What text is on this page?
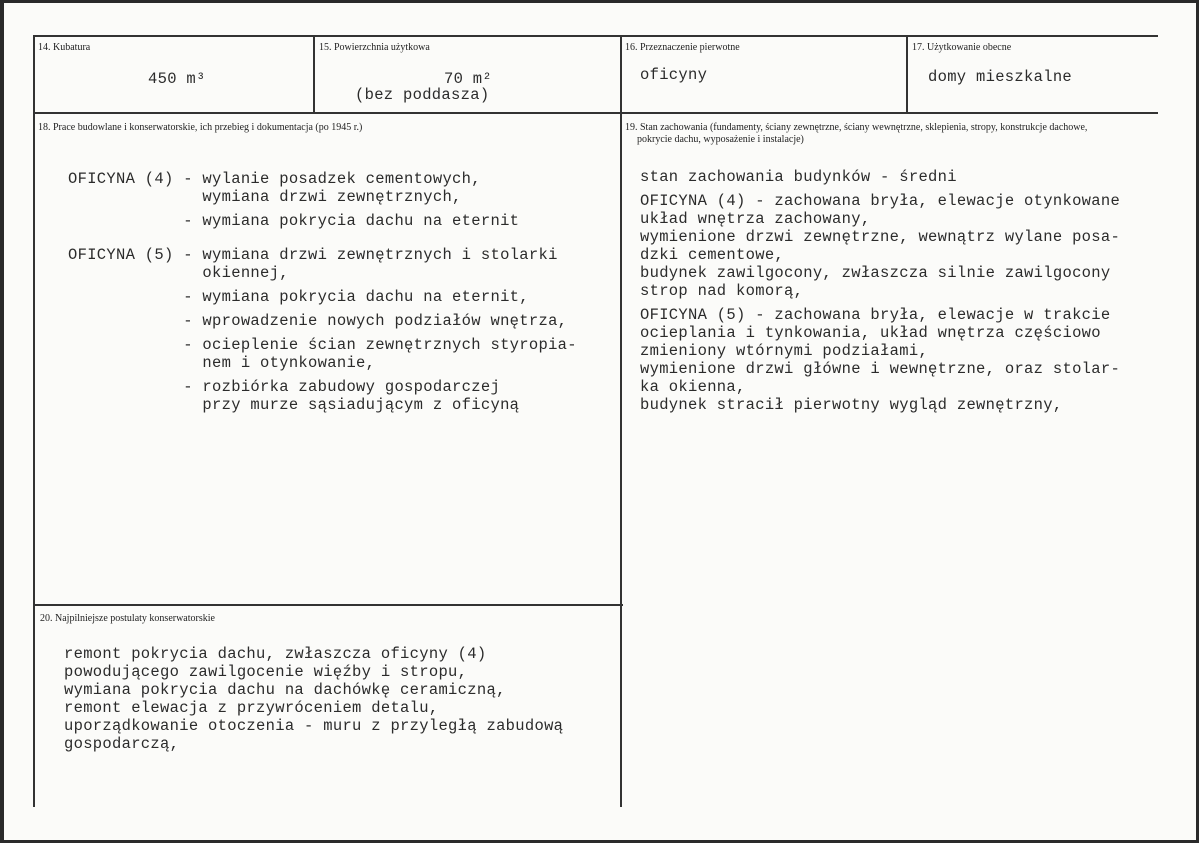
14. Kubatura
450 m³
15. Powierzchnia użytkowa
70 m²
(bez poddasza)
16. Przeznaczenie pierwotne
oficyny
17. Użytkowanie obecne
domy mieszkalne
18. Prace budowlane i konserwatorskie, ich przebieg i dokumentacja (po 1945 r.)
OFICYNA (4) - wylanie posadzek cementowych,
wymiana drzwi zewnętrznych,
- wymiana pokrycia dachu na eternit
OFICYNA (5) - wymiana drzwi zewnętrznych i stolarki
okiennej,
- wymiana pokrycia dachu na eternit,
- wprowadzenie nowych podziałów wnętrza,
- ocieplenie ścian zewnętrznych styropia-
nem i otynkowanie,
- rozbiórka zabudowy gospodarczej
przy murze sąsiadującym z oficyną
19. Stan zachowania (fundamenty, ściany zewnętrzne, ściany wewnętrzne, sklepienia, stropy, konstrukcje dachowe,
pokrycie dachu, wyposażenie i instalacje)
stan zachowania budynków - średni
OFICYNA (4) - zachowana bryła, elewacje otynkowane
układ wnętrza zachowany,
wymienione drzwi zewnętrzne, wewnątrz wylane posa-
dzki cementowe,
budynek zawilgocony, zwłaszcza silnie zawilgocony
strop nad komorą,
OFICYNA (5) - zachowana bryła, elewacje w trakcie
ocieplania i tynkowania, układ wnętrza częściowo
zmieniony wtórnymi podziałami,
wymienione drzwi główne i wewnętrzne, oraz stolar-
ka okienna,
budynek stracił pierwotny wygląd zewnętrzny,
20. Najpilniejsze postulaty konserwatorskie
remont pokrycia dachu, zwłaszcza oficyny (4)
powodującego zawilgocenie więźby i stropu,
wymiana pokrycia dachu na dachówkę ceramiczną,
remont elewacja z przywróceniem detalu,
uporządkowanie otoczenia - muru z przyległą zabudową
gospodarczą,
